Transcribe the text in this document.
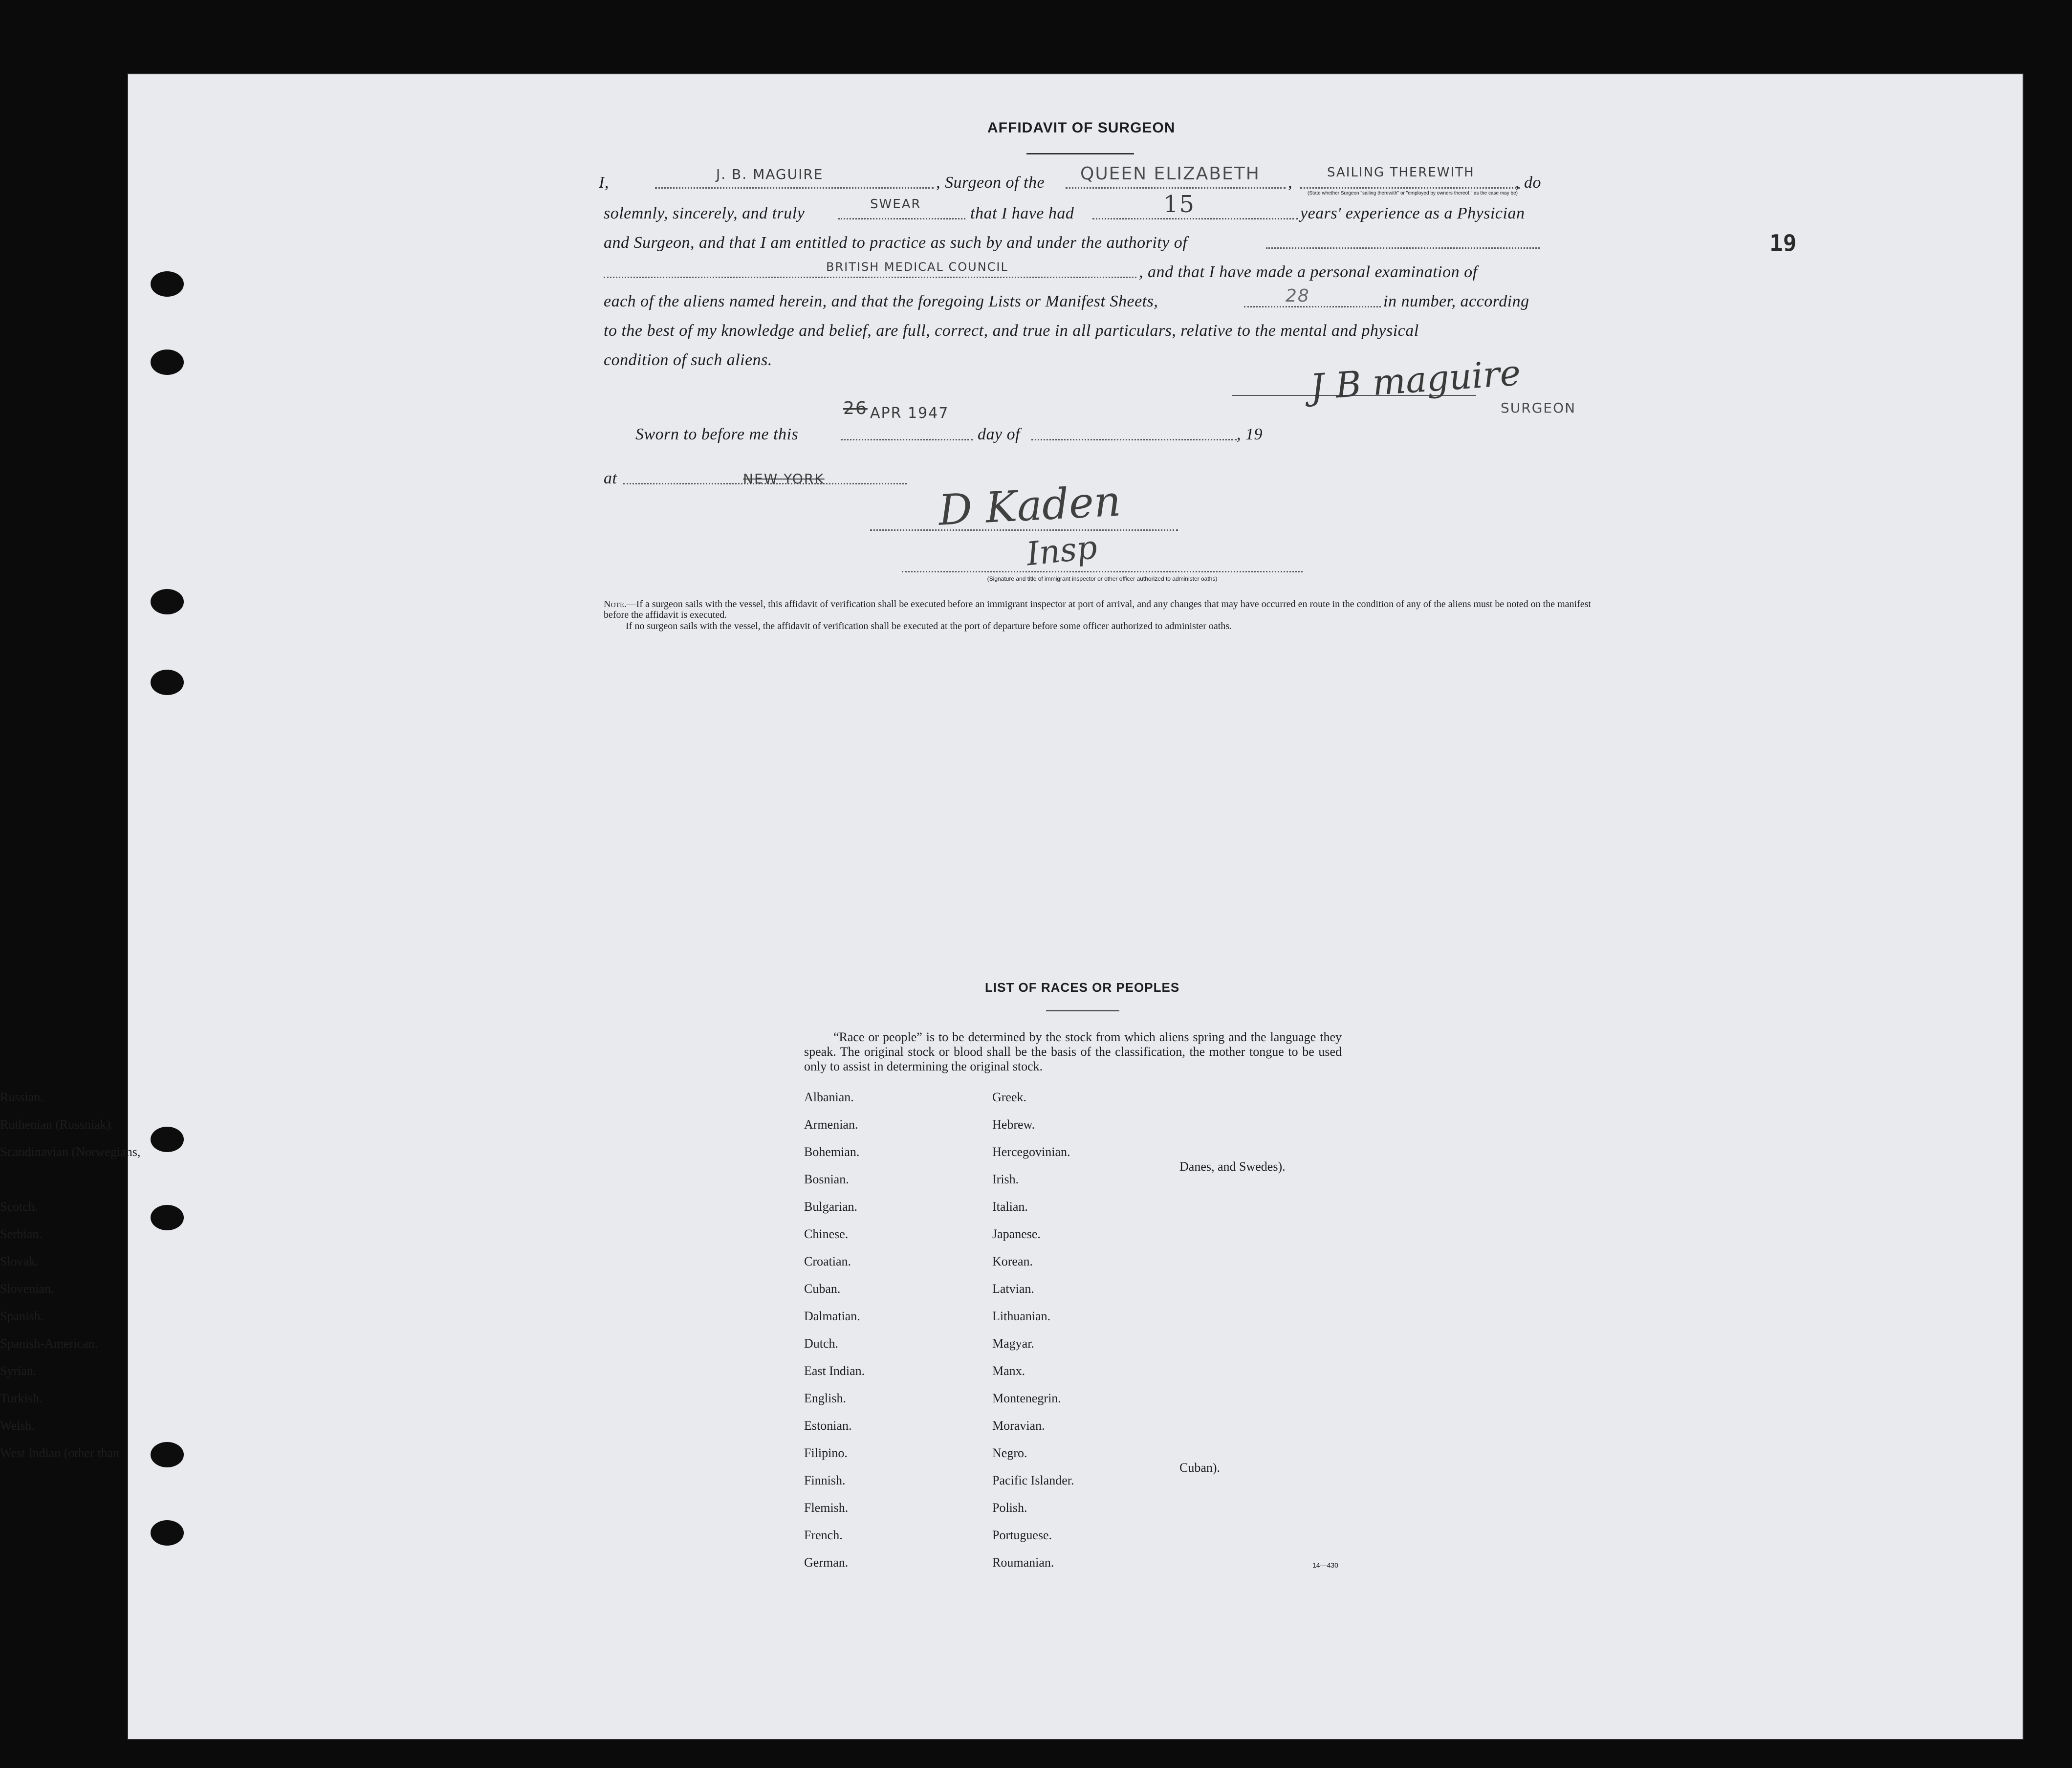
19
AFFIDAVIT OF SURGEON
I,	J. B. MAGUIRE	, Surgeon of the QUEEN ELIZABETH ,
SAILING THEREWITH
(State whether Surgeon "sailing therewith" or "employed by owners thereof," as the case may be)
, do
solemnly, sincerely, and truly	SWEAR	that I have had	15	years' experience as a Physician
and Surgeon, and that I am entitled to practice as such by and under the authority of
BRITISH MEDICAL COUNCIL	, and that I have made a personal examination of
each of the aliens named herein, and that the foregoing Lists or Manifest Sheets,	28	in number, according
to the best of my knowledge and belief, are full, correct, and true in all particulars, relative to the mental and physical
condition of such aliens.	J B maguire
SURGEON
26 APR 1947
Sworn to before me this	day of	, 19
at	NEW YORK	D Kaden
Insp
(Signature and title of immigrant inspector or other officer authorized to administer oaths)
Note.—If a surgeon sails with the vessel, this affidavit of verification shall be executed before an immigrant inspector at port of arrival, and any changes that may have occurred en route in the condition of any of the aliens must be noted on the manifest before the affidavit is executed.
If no surgeon sails with the vessel, the affidavit of verification shall be executed at the port of departure before some officer authorized to administer oaths.
LIST OF RACES OR PEOPLES
“Race or people” is to be determined by the stock from which aliens spring and the language they speak. The original stock or blood shall be the basis of the classification, the mother tongue to be used only to assist in determining the original stock.
Albanian.
Armenian.
Bohemian.
Bosnian.
Bulgarian.
Chinese.
Croatian.
Cuban.
Dalmatian.
Dutch.
East Indian.
English.
Estonian.
Filipino.
Finnish.
Flemish.
French.
German.
Greek.
Hebrew.
Hercegovinian.
Irish.
Italian.
Japanese.
Korean.
Latvian.
Lithuanian.
Magyar.
Manx.
Montenegrin.
Moravian.
Negro.
Pacific Islander.
Polish.
Portuguese.
Roumanian.
Russian.
Ruthenian (Russniak).
Scandinavian (Norwegians,
Danes, and Swedes).
Scotch.
Serbian.
Slovak.
Slovenian.
Spanish.
Spanish-American.
Syrian.
Turkish.
Welsh.
West Indian (other than
Cuban).
14—430
